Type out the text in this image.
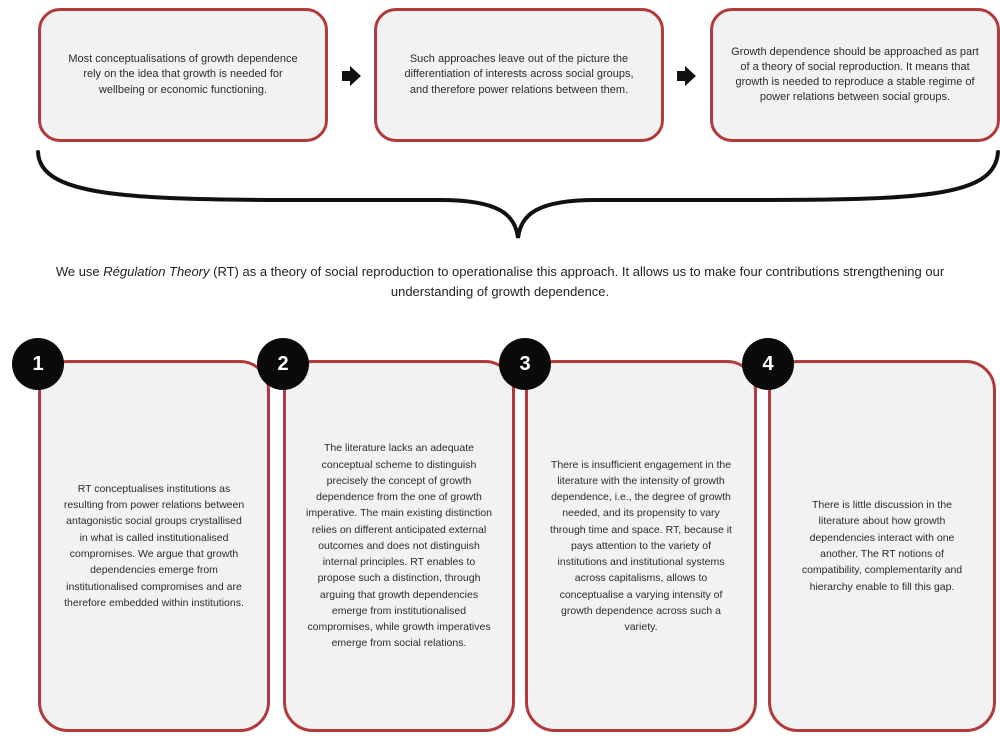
Most conceptualisations of growth dependence rely on the idea that growth is needed for wellbeing or economic functioning.
Such approaches leave out of the picture the differentiation of interests across social groups, and therefore power relations between them.
Growth dependence should be approached as part of a theory of social reproduction. It means that growth is needed to reproduce a stable regime of power relations between social groups.
We use Régulation Theory (RT) as a theory of social reproduction to operationalise this approach. It allows us to make four contributions strengthening our understanding of growth dependence.
RT conceptualises institutions as resulting from power relations between antagonistic social groups crystallised in what is called institutionalised compromises. We argue that growth dependencies emerge from institutionalised compromises and are therefore embedded within institutions.
1
The literature lacks an adequate conceptual scheme to distinguish precisely the concept of growth dependence from the one of growth imperative. The main existing distinction relies on different anticipated external outcomes and does not distinguish internal principles. RT enables to propose such a distinction, through arguing that growth dependencies emerge from institutionalised compromises, while growth imperatives emerge from social relations.
2
There is insufficient engagement in the literature with the intensity of growth dependence, i.e., the degree of growth needed, and its propensity to vary through time and space. RT, because it pays attention to the variety of institutions and institutional systems across capitalisms, allows to conceptualise a varying intensity of growth dependence across such a variety.
3
There is little discussion in the literature about how growth dependencies interact with one another. The RT notions of compatibility, complementarity and hierarchy enable to fill this gap.
4
